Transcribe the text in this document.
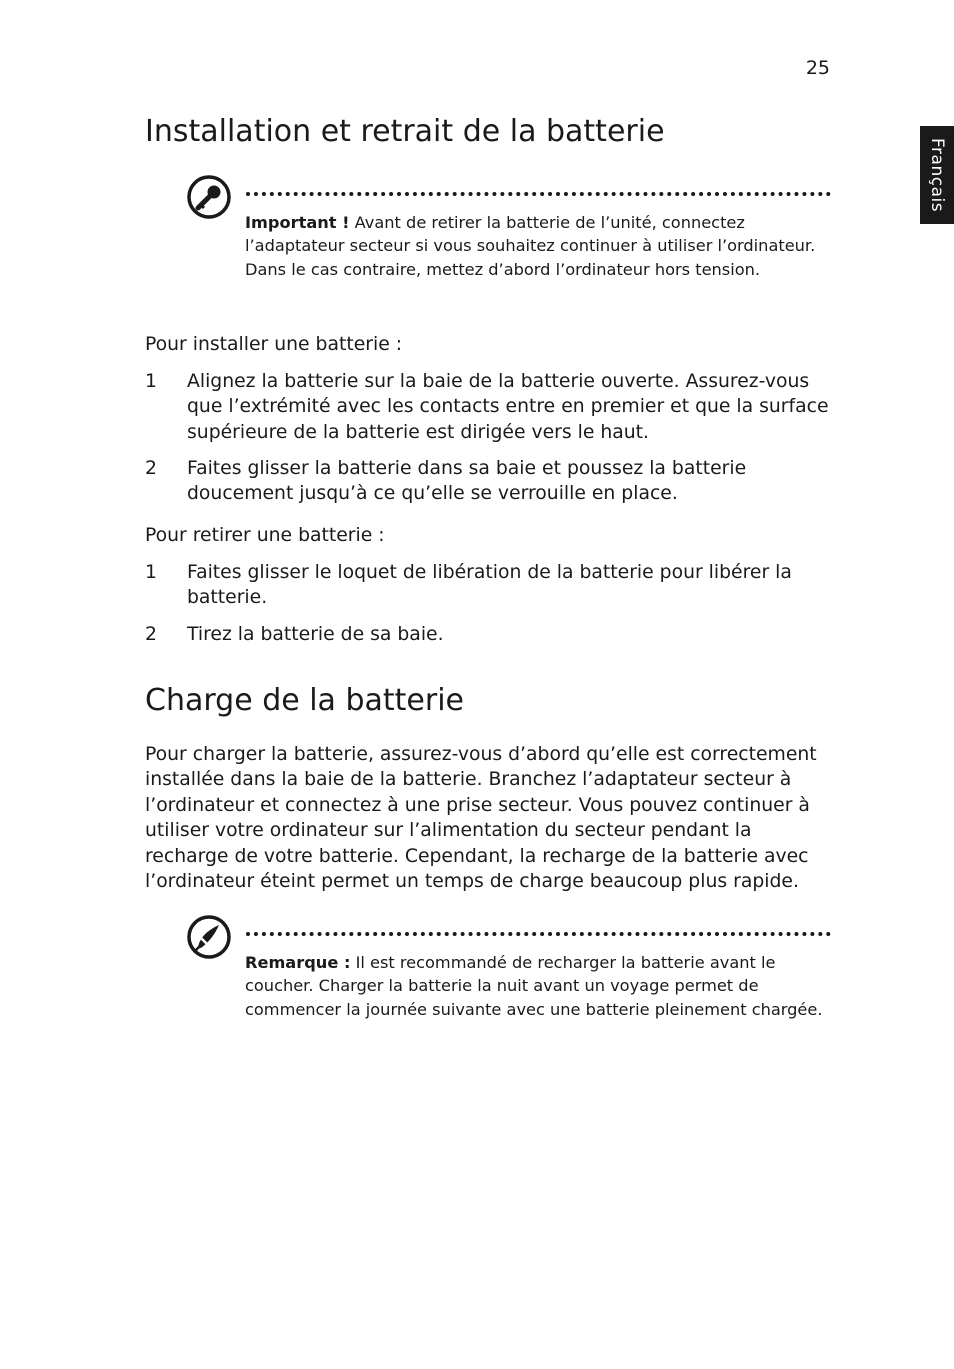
25
Français
Installation et retrait de la batterie
Important ! Avant de retirer la batterie de l’unité, connectez l’adaptateur secteur si vous souhaitez continuer à utiliser l’ordinateur. Dans le cas contraire, mettez d’abord l’ordinateur hors tension.

Pour installer une batterie :

1 Alignez la batterie sur la baie de la batterie ouverte. Assurez-vous que l’extrémité avec les contacts entre en premier et que la surface supérieure de la batterie est dirigée vers le haut.
2 Faites glisser la batterie dans sa baie et poussez la batterie doucement jusqu’à ce qu’elle se verrouille en place.

Pour retirer une batterie :

1 Faites glisser le loquet de libération de la batterie pour libérer la batterie.
2 Tirez la batterie de sa baie.
Charge de la batterie

Pour charger la batterie, assurez-vous d’abord qu’elle est correctement installée dans la baie de la batterie. Branchez l’adaptateur secteur à l’ordinateur et connectez à une prise secteur. Vous pouvez continuer à utiliser votre ordinateur sur l’alimentation du secteur pendant la recharge de votre batterie. Cependant, la recharge de la batterie avec l’ordinateur éteint permet un temps de charge beaucoup plus rapide.

Remarque : Il est recommandé de recharger la batterie avant le coucher. Charger la batterie la nuit avant un voyage permet de commencer la journée suivante avec une batterie pleinement chargée.
